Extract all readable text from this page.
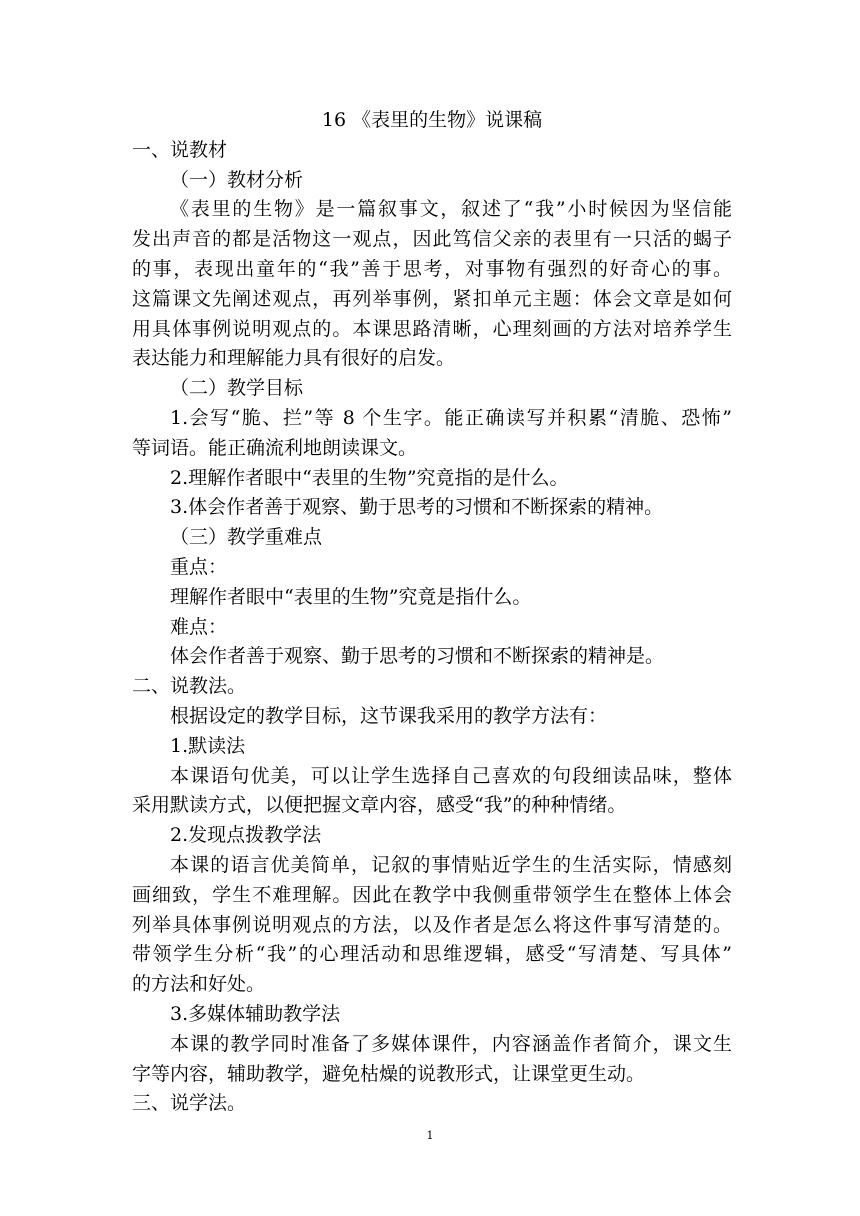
16 《表里的生物》说课稿
一、说教材
（一）教材分析
《表里的生物》是一篇叙事文，叙述了“我”小时候因为坚信能
发出声音的都是活物这一观点，因此笃信父亲的表里有一只活的蝎子
的事，表现出童年的“我”善于思考，对事物有强烈的好奇心的事。
这篇课文先阐述观点，再列举事例，紧扣单元主题：体会文章是如何
用具体事例说明观点的。本课思路清晰，心理刻画的方法对培养学生
表达能力和理解能力具有很好的启发。
（二）教学目标
1.会写“脆、拦”等 8 个生字。能正确读写并积累“清脆、恐怖”
等词语。能正确流利地朗读课文。
2.理解作者眼中“表里的生物”究竟指的是什么。
3.体会作者善于观察、勤于思考的习惯和不断探索的精神。
（三）教学重难点
重点：
理解作者眼中“表里的生物”究竟是指什么。
难点：
体会作者善于观察、勤于思考的习惯和不断探索的精神是。
二、说教法。
根据设定的教学目标，这节课我采用的教学方法有：
1.默读法
本课语句优美，可以让学生选择自己喜欢的句段细读品味，整体
采用默读方式，以便把握文章内容，感受“我”的种种情绪。
2.发现点拨教学法
本课的语言优美简单，记叙的事情贴近学生的生活实际，情感刻
画细致，学生不难理解。因此在教学中我侧重带领学生在整体上体会
列举具体事例说明观点的方法，以及作者是怎么将这件事写清楚的。
带领学生分析“我”的心理活动和思维逻辑，感受“写清楚、写具体”
的方法和好处。
3.多媒体辅助教学法
本课的教学同时准备了多媒体课件，内容涵盖作者简介，课文生
字等内容，辅助教学，避免枯燥的说教形式，让课堂更生动。
三、说学法。
1
